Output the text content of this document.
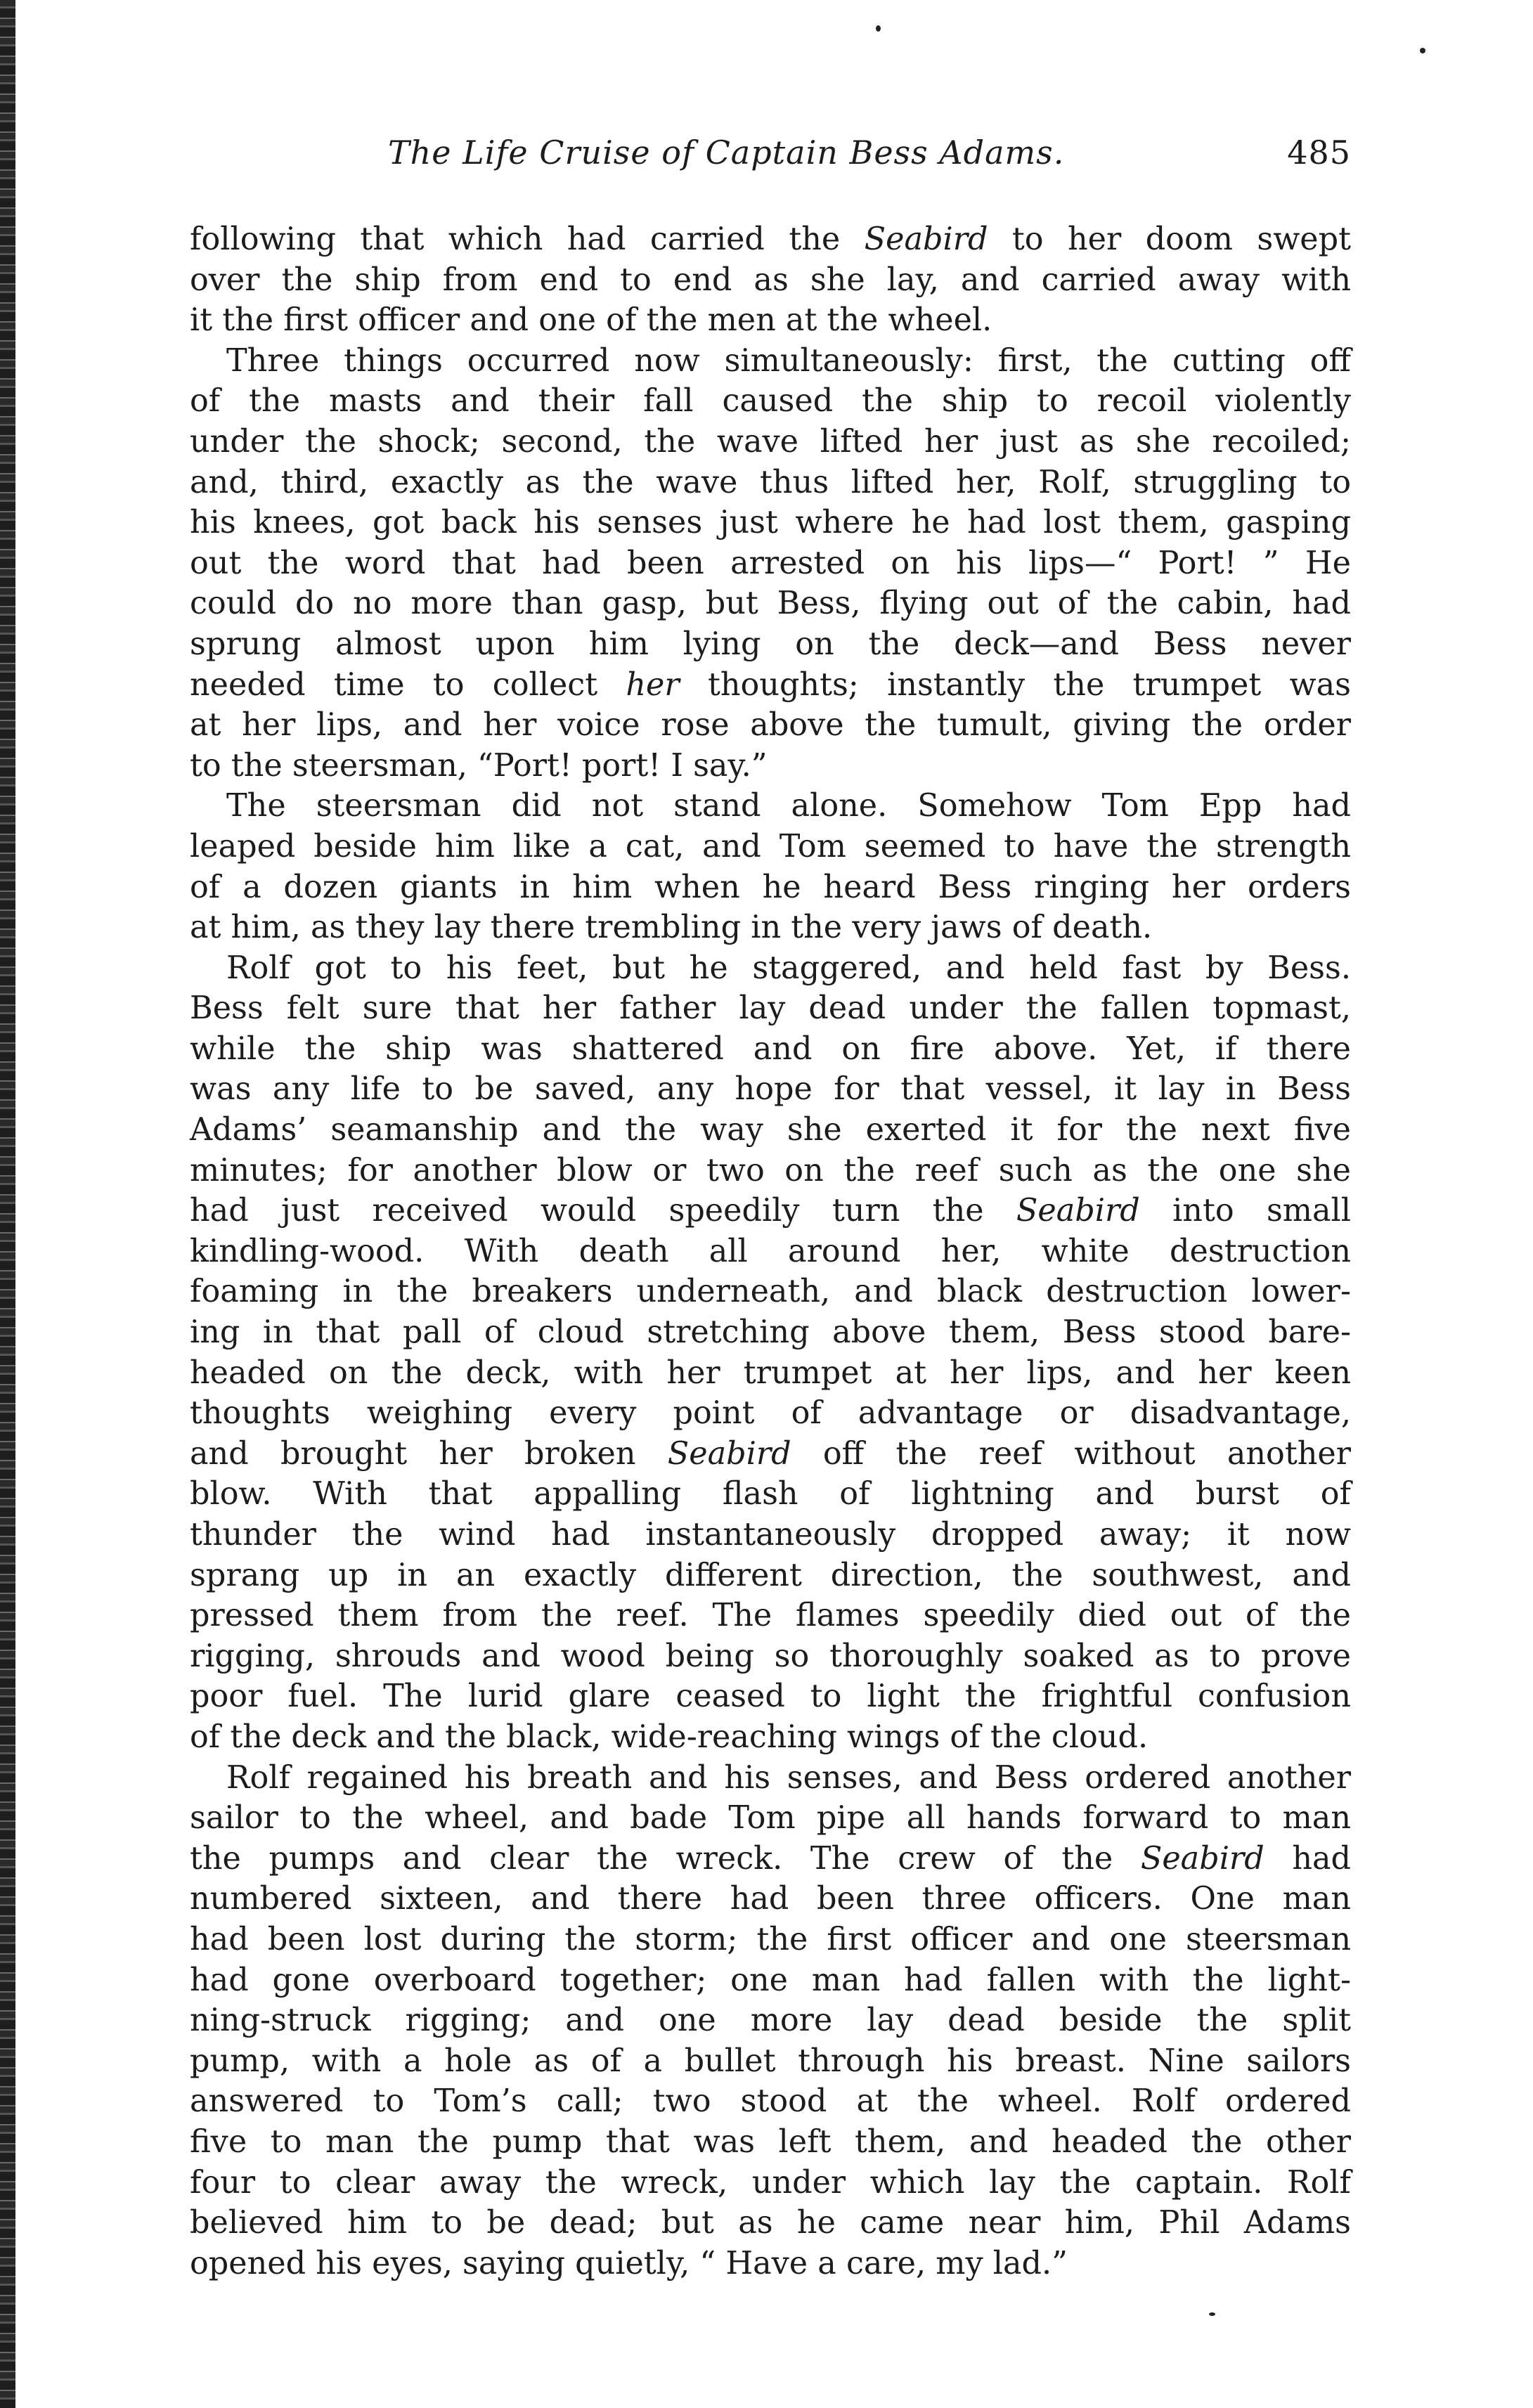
The Life Cruise of Captain Bess Adams.	485
following that which had carried the Seabird to her doom swept
over the ship from end to end as she lay, and carried away with
it the first officer and one of the men at the wheel.
Three things occurred now simultaneously: first, the cutting off
of the masts and their fall caused the ship to recoil violently
under the shock; second, the wave lifted her just as she recoiled;
and, third, exactly as the wave thus lifted her, Rolf, struggling to
his knees, got back his senses just where he had lost them, gasping
out the word that had been arrested on his lips—“ Port! ” He
could do no more than gasp, but Bess, flying out of the cabin, had
sprung almost upon him lying on the deck—and Bess never
needed time to collect her thoughts; instantly the trumpet was
at her lips, and her voice rose above the tumult, giving the order
to the steersman, “Port! port! I say.”
The steersman did not stand alone. Somehow Tom Epp had
leaped beside him like a cat, and Tom seemed to have the strength
of a dozen giants in him when he heard Bess ringing her orders
at him, as they lay there trembling in the very jaws of death.
Rolf got to his feet, but he staggered, and held fast by Bess.
Bess felt sure that her father lay dead under the fallen topmast,
while the ship was shattered and on fire above. Yet, if there
was any life to be saved, any hope for that vessel, it lay in Bess
Adams’ seamanship and the way she exerted it for the next five
minutes; for another blow or two on the reef such as the one she
had just received would speedily turn the Seabird into small
kindling-wood. With death all around her, white destruction
foaming in the breakers underneath, and black destruction lower-
ing in that pall of cloud stretching above them, Bess stood bare-
headed on the deck, with her trumpet at her lips, and her keen
thoughts weighing every point of advantage or disadvantage,
and brought her broken Seabird off the reef without another
blow. With that appalling flash of lightning and burst of
thunder the wind had instantaneously dropped away; it now
sprang up in an exactly different direction, the southwest, and
pressed them from the reef. The flames speedily died out of the
rigging, shrouds and wood being so thoroughly soaked as to prove
poor fuel. The lurid glare ceased to light the frightful confusion
of the deck and the black, wide-reaching wings of the cloud.
Rolf regained his breath and his senses, and Bess ordered another
sailor to the wheel, and bade Tom pipe all hands forward to man
the pumps and clear the wreck. The crew of the Seabird had
numbered sixteen, and there had been three officers. One man
had been lost during the storm; the first officer and one steersman
had gone overboard together; one man had fallen with the light-
ning-struck rigging; and one more lay dead beside the split
pump, with a hole as of a bullet through his breast. Nine sailors
answered to Tom’s call; two stood at the wheel. Rolf ordered
five to man the pump that was left them, and headed the other
four to clear away the wreck, under which lay the captain. Rolf
believed him to be dead; but as he came near him, Phil Adams
opened his eyes, saying quietly, “ Have a care, my lad.”
